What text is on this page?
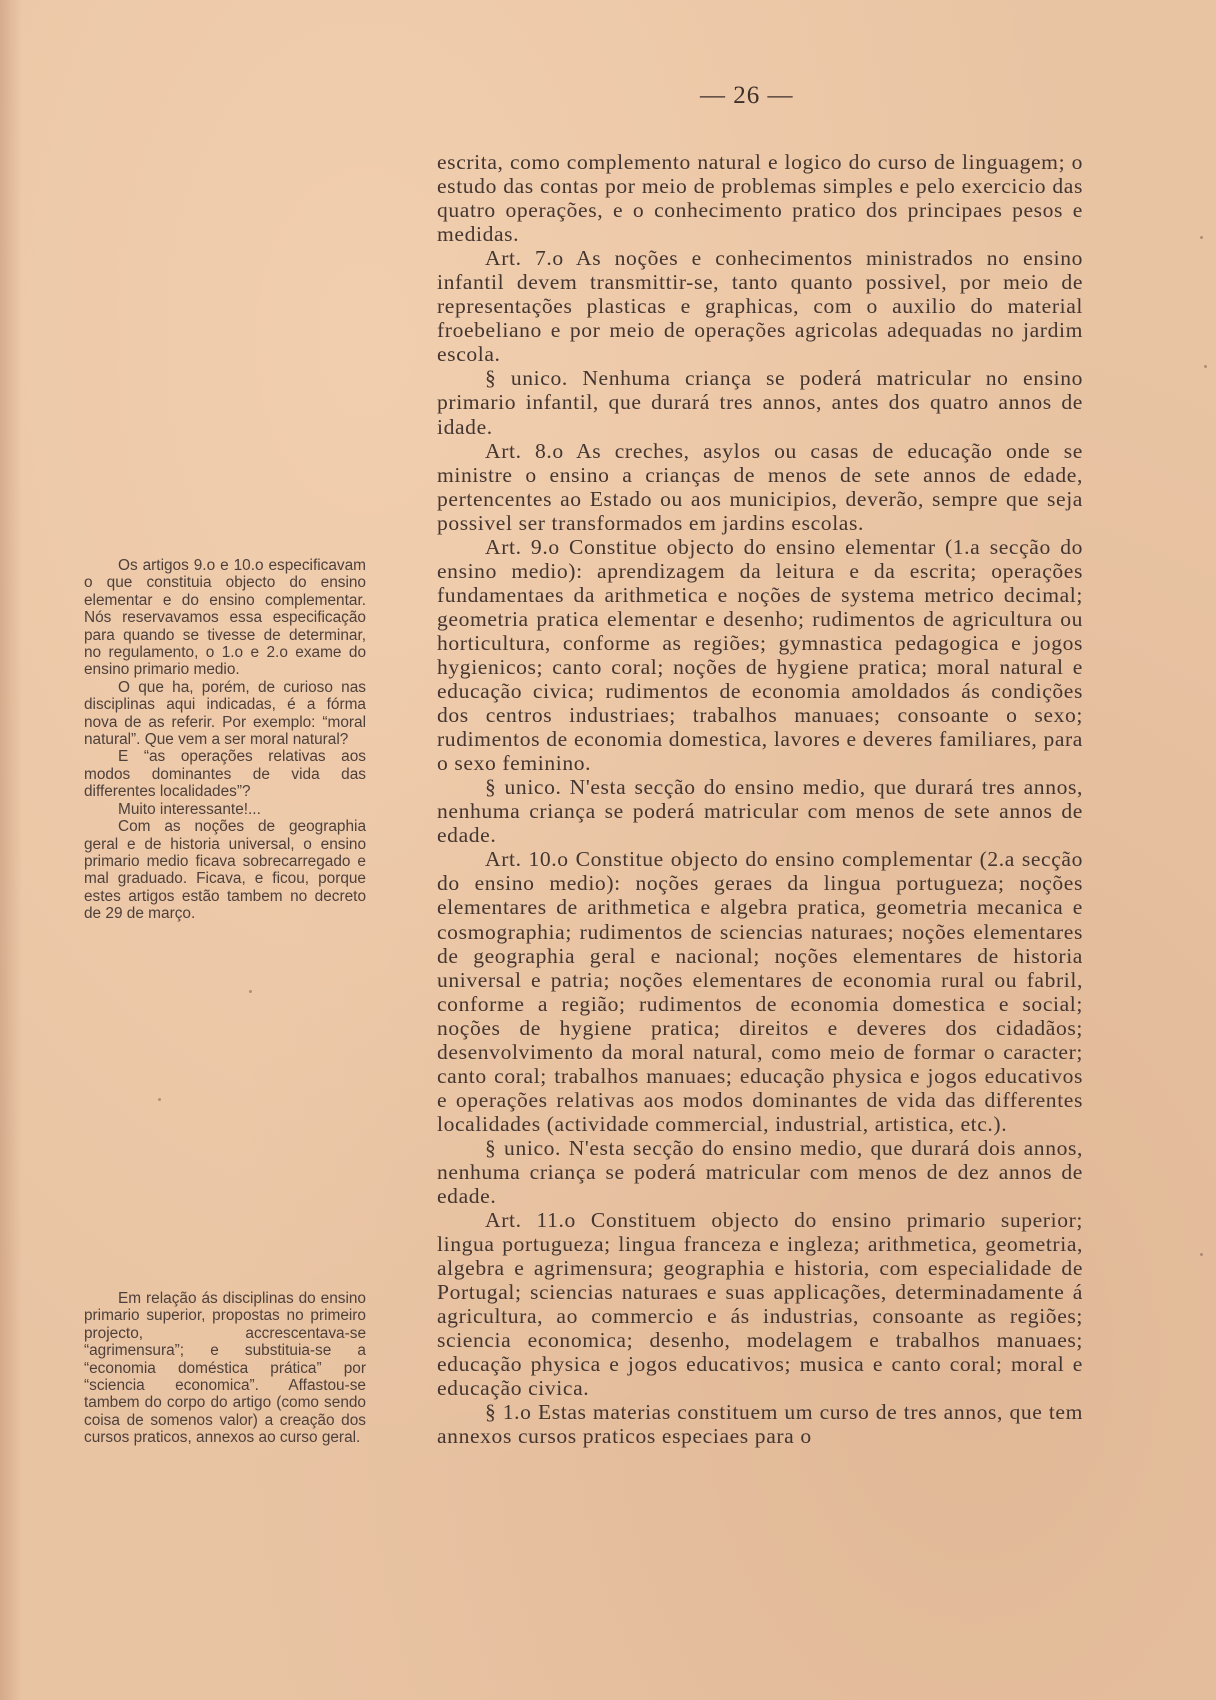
— 26 —

escrita, como complemento natural e logico do curso de linguagem; o estudo das contas por meio de problemas simples e pelo exercicio das quatro operações, e o conhecimento pratico dos principaes pesos e medidas.

Art. 7.o As noções e conhecimentos ministrados no ensino infantil devem transmittir-se, tanto quanto possivel, por meio de representações plasticas e graphicas, com o auxilio do material froebeliano e por meio de operações agricolas adequadas no jardim escola.

§ unico. Nenhuma criança se poderá matricular no ensino primario infantil, que durará tres annos, antes dos quatro annos de idade.

Art. 8.o As creches, asylos ou casas de educação onde se ministre o ensino a crianças de menos de sete annos de edade, pertencentes ao Estado ou aos municipios, deverão, sempre que seja possivel ser transformados em jardins escolas.

Art. 9.o Constitue objecto do ensino elementar (1.a secção do ensino medio): aprendizagem da leitura e da escrita; operações fundamentaes da arithmetica e noções de systema metrico decimal; geometria pratica elementar e desenho; rudimentos de agricultura ou horticultura, conforme as regiões; gymnastica pedagogica e jogos hygienicos; canto coral; noções de hygiene pratica; moral natural e educação civica; rudimentos de economia amoldados ás condições dos centros industriaes; trabalhos manuaes; consoante o sexo; rudimentos de economia domestica, lavores e deveres familiares, para o sexo feminino.

§ unico. N'esta secção do ensino medio, que durará tres annos, nenhuma criança se poderá matricular com menos de sete annos de edade.

Art. 10.o Constitue objecto do ensino complementar (2.a secção do ensino medio): noções geraes da lingua portugueza; noções elementares de arithmetica e algebra pratica, geometria mecanica e cosmographia; rudimentos de sciencias naturaes; noções elementares de geographia geral e nacional; noções elementares de historia universal e patria; noções elementares de economia rural ou fabril, conforme a região; rudimentos de economia domestica e social; noções de hygiene pratica; direitos e deveres dos cidadãos; desenvolvimento da moral natural, como meio de formar o caracter; canto coral; trabalhos manuaes; educação physica e jogos educativos e operações relativas aos modos dominantes de vida das differentes localidades (actividade commercial, industrial, artistica, etc.).

§ unico. N'esta secção do ensino medio, que durará dois annos, nenhuma criança se poderá matricular com menos de dez annos de edade.

Art. 11.o Constituem objecto do ensino primario superior; lingua portugueza; lingua franceza e ingleza; arithmetica, geometria, algebra e agrimensura; geographia e historia, com especialidade de Portugal; sciencias naturaes e suas applicações, determinadamente á agricultura, ao commercio e ás industrias, consoante as regiões; sciencia economica; desenho, modelagem e trabalhos manuaes; educação physica e jogos educativos; musica e canto coral; moral e educação civica.

§ 1.o Estas materias constituem um curso de tres annos, que tem annexos cursos praticos especiaes para o

Os artigos 9.o e 10.o especificavam o que constituia objecto do ensino elementar e do ensino complementar. Nós reservavamos essa especificação para quando se tivesse de determinar, no regulamento, o 1.o e 2.o exame do ensino primario medio.

O que ha, porém, de curioso nas disciplinas aqui indicadas, é a fórma nova de as referir. Por exemplo: “moral natural”. Que vem a ser moral natural?

E “as operações relativas aos modos dominantes de vida das differentes localidades”?

Muito interessante!...

Com as noções de geographia geral e de historia universal, o ensino primario medio ficava sobrecarregado e mal graduado. Ficava, e ficou, porque estes artigos estão tambem no decreto de 29 de março.

Em relação ás disciplinas do ensino primario superior, propostas no primeiro projecto, accrescentava-se “agrimensura”; e substituia-se a “economia doméstica prática” por “sciencia economica”. Affastou-se tambem do corpo do artigo (como sendo coisa de somenos valor) a creação dos cursos praticos, annexos ao curso geral.
